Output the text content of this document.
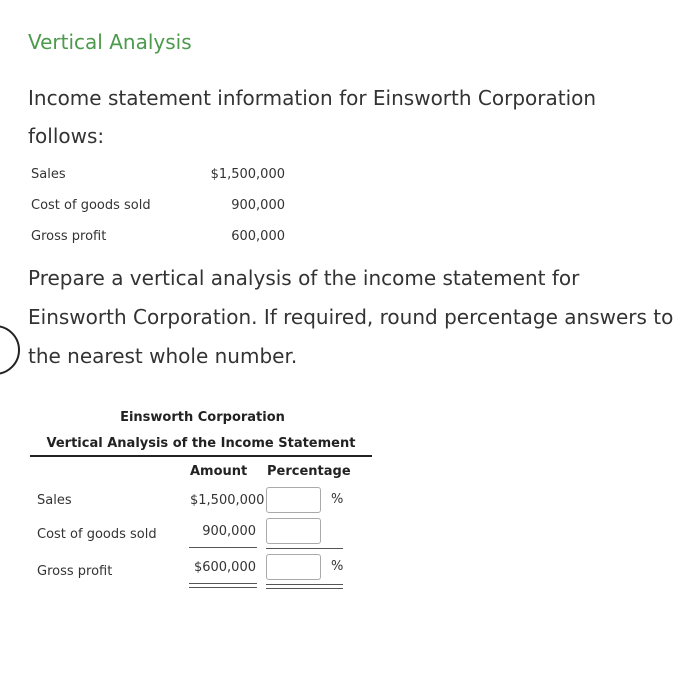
Vertical Analysis
Income statement information for Einsworth Corporation follows:
Sales	$1,500,000
Cost of goods sold	900,000
Gross profit	600,000
Prepare a vertical analysis of the income statement for Einsworth Corporation. If required, round percentage answers to the nearest whole number.
Einsworth Corporation
Vertical Analysis of the Income Statement
Amount Percentage
Sales	$1,500,000	%
Cost of goods sold	900,000
Gross profit	$600,000	%
